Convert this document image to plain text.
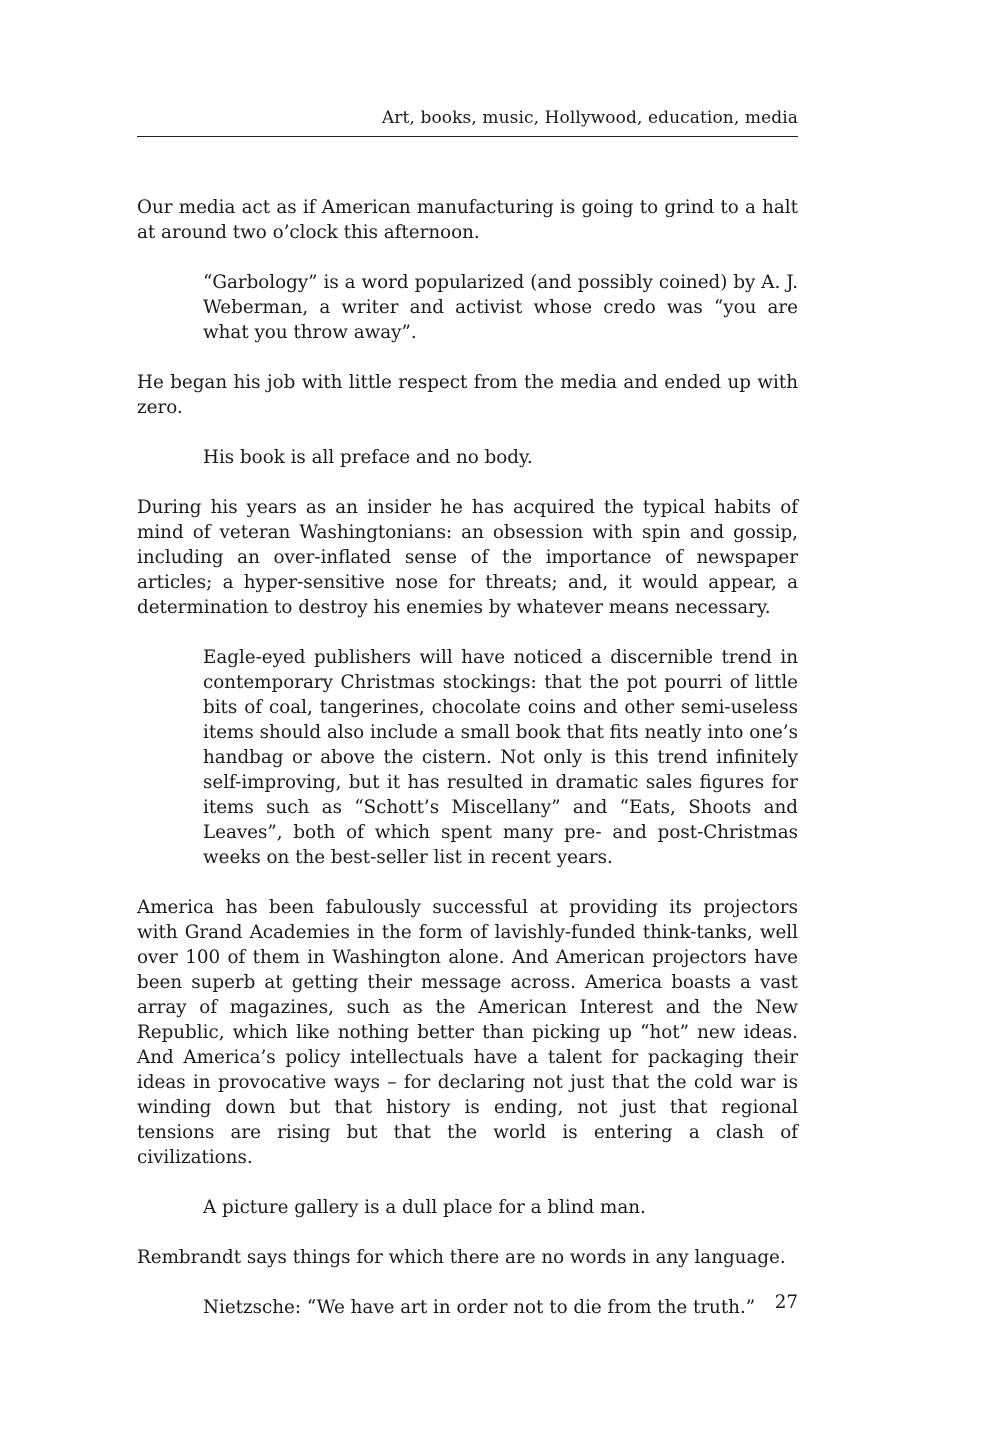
Art, books, music, Hollywood, education, media

Our media act as if American manufacturing is going to grind to a halt at around two o’clock this afternoon.

“Garbology” is a word popularized (and possibly coined) by A. J. Weberman, a writer and activist whose credo was “you are what you throw away”.

He began his job with little respect from the media and ended up with zero.

His book is all preface and no body.

During his years as an insider he has acquired the typical habits of mind of veteran Washingtonians: an obsession with spin and gossip, including an over-inflated sense of the importance of newspaper articles; a hyper-sensitive nose for threats; and, it would appear, a determination to destroy his enemies by whatever means necessary.

Eagle-eyed publishers will have noticed a discernible trend in contemporary Christmas stockings: that the pot pourri of little bits of coal, tangerines, chocolate coins and other semi-useless items should also include a small book that fits neatly into one’s handbag or above the cistern. Not only is this trend infinitely self-improving, but it has resulted in dramatic sales figures for items such as “Schott’s Miscellany” and “Eats, Shoots and Leaves”, both of which spent many pre- and post-Christmas weeks on the best-seller list in recent years.

America has been fabulously successful at providing its projectors with Grand Academies in the form of lavishly-funded think-tanks, well over 100 of them in Washington alone. And American projectors have been superb at getting their message across. America boasts a vast array of magazines, such as the American Interest and the New Republic, which like nothing better than picking up “hot” new ideas. And America’s policy intellectuals have a talent for packaging their ideas in provocative ways – for declaring not just that the cold war is winding down but that history is ending, not just that regional tensions are rising but that the world is entering a clash of civilizations.

A picture gallery is a dull place for a blind man.

Rembrandt says things for which there are no words in any language.

Nietzsche: “We have art in order not to die from the truth.”	27
